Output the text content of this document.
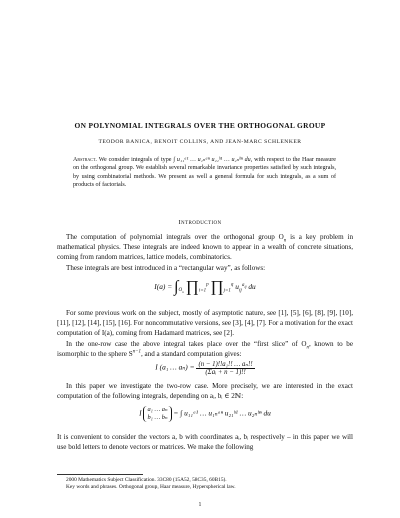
ON POLYNOMIAL INTEGRALS OVER THE ORTHOGONAL GROUP
TEODOR BANICA, BENOIT COLLINS, AND JEAN-MARC SCHLENKER
Abstract. We consider integrals of type ∫ u₁₁ᵃ¹ … u₁ₙᵃⁿ u₂₁ᵇ¹ … u₂ₙᵇⁿ du, with respect to the Haar measure on the orthogonal group. We establish several remarkable invariance properties satisfied by such integrals, by using combinatorial methods. We present as well a general formula for such integrals, as a sum of products of factorials.
Introduction

The computation of polynomial integrals over the orthogonal group $O_n$ is a key problem in mathematical physics. These integrals are indeed known to appear in a wealth of concrete situations, coming from random matrices, lattice models, combinatorics.

These integrals are best introduced in a “rectangular way”, as follows:

$I(a) = \int_{O_n}$ $\prod_{i=1}^p$ $\prod_{j=1}^q$ $u_{ij}^{a_{ij}}$ du

For some previous work on the subject, mostly of asymptotic nature, see [1], [5], [6], [8], [9], [10], [11], [12], [14], [15], [16]. For noncommutative versions, see [3], [4], [7]. For a motivation for the exact computation of I(a), coming from Hadamard matrices, see [2].

In the one-row case the above integral takes place over the “first slice” of $O_n$, known to be isomorphic to the sphere $S^{n-1}$, and a standard computation gives:

I (a₁ … $a_n) = \frac{\text{(n − 1)!!a₁!! … aₙ!!}}{\text{(Σaᵢ + n − 1)!!}}$

In this paper we investigate the two-row case. More precisely, we are interested in the exact computation of the following integrals, depending on aᵢ, bᵢ ∈ 2ℕ:

I a₁ … aₙ
b₁ … bₙ = ∫ u₁₁ᵃ¹ … u₁ₙᵃⁿ u₂₁ᵇ¹ … u₂ₙᵇⁿ du

It is convenient to consider the vectors a, b with coordinates aᵢ, bᵢ respectively – in this paper we will use bold letters to denote vectors or matrices. We make the following

2000 Mathematics Subject Classification. 33C80 (15A52, 58C35, 60B15).
Key words and phrases. Orthogonal group, Haar measure, Hyperspherical law.
1
